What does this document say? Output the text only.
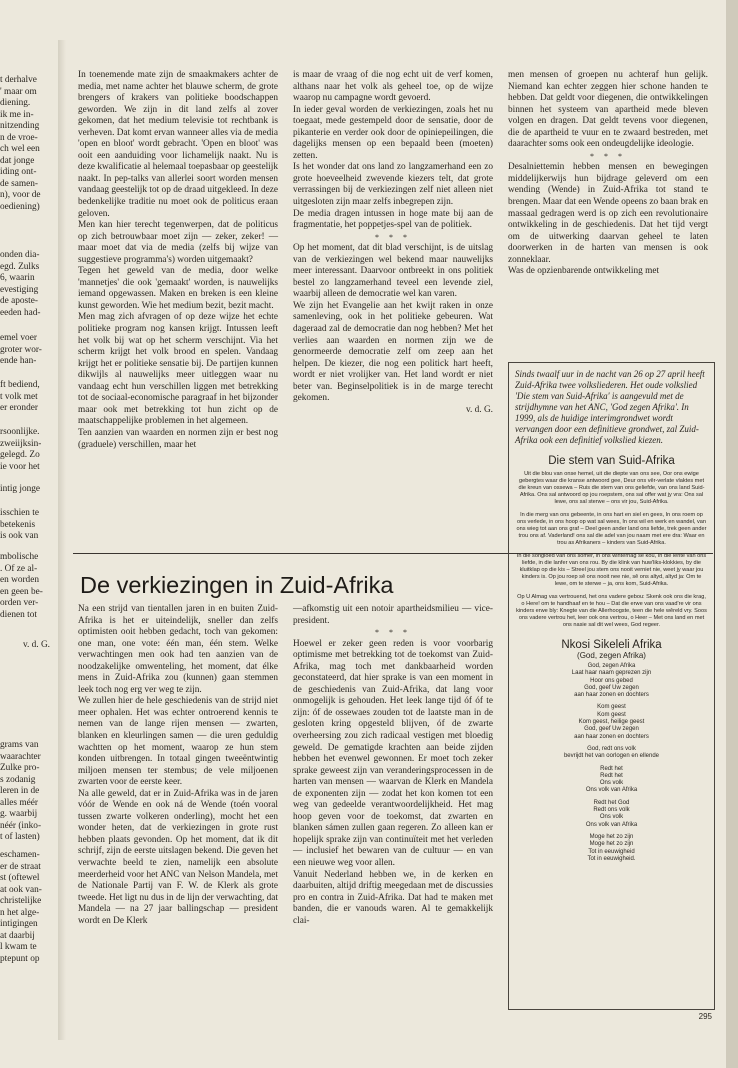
t derhalve

' maar om

diening.

ik me in-

nitzending

n de vroe-

ch wel een

dat jonge

iding ont-

de samen-

n), voor de

oediening)

onden dia-

egd. Zulks

6, waarin

evestiging

de aposte-

eeden had-

emel voer

groter wor-

ende han-

ft bediend,

t volk met

er eronder

rsoonlijke.

zweiijksin-

gelegd. Zo

ie voor het

intig jonge

isschien te

betekenis

is ook van

mbolische

. Of ze al-

en worden

en geen be-

orden ver-

dienen tot

v. d. G.

grams van

waarachter

Zulke pro-

s zodanig

leren in de

alles méér

g. waarbij

néér (inko-

t of lasten)

eschamen-

er de straat

st (oftewel

at ook van-

christelijke

n het alge-

intigingen

at daarbij

l kwam te

ptepunt op

In toenemende mate zijn de smaakmakers achter de media, met name achter het blauwe scherm, de grote brengers of krakers van politieke boodschappen geworden. We zijn in dit land zelfs al zover gekomen, dat het medium televisie tot rechtbank is verheven. Dat komt ervan wanneer alles via de media 'open en bloot' wordt gebracht. 'Open en bloot' was ooit een aanduiding voor lichamelijk naakt. Nu is deze kwalificatie al helemaal toepasbaar op geestelijk naakt. In pep-talks van allerlei soort worden mensen vandaag geestelijk tot op de draad uitgekleed. In deze bedenkelijke traditie nu moet ook de politicus eraan geloven.

Men kan hier terecht tegenwerpen, dat de politicus op zich betrouwbaar moet zijn — zeker, zeker! — maar moet dat via de media (zelfs bij wijze van suggestieve programma's) worden uitgemaakt?

Tegen het geweld van de media, door welke 'mannetjes' die ook 'gemaakt' worden, is nauwelijks iemand opgewassen. Maken en breken is een kleine kunst geworden. Wie het medium bezit, bezit macht.

Men mag zich afvragen of op deze wijze het echte politieke program nog kansen krijgt. Intussen leeft het volk bij wat op het scherm verschijnt. Via het scherm krijgt het volk brood en spelen. Vandaag krijgt het er politieke sensatie bij. De partijen kunnen dikwijls al nauwelijks meer uitleggen waar nu vandaag echt hun verschillen liggen met betrekking tot de sociaal-economische paragraaf in het bijzonder maar ook met betrekking tot hun zicht op de maatschappelijke problemen in het algemeen.

Ten aanzien van waarden en normen zijn er best nog (graduele) verschillen, maar het

is maar de vraag of die nog echt uit de verf komen, althans naar het volk als geheel toe, op de wijze waarop nu campagne wordt gevoerd.

In ieder geval worden de verkiezingen, zoals het nu toegaat, mede gestempeld door de sensatie, door de pikanterie en verder ook door de opiniepeilingen, die dagelijks mensen op een bepaald been (moeten) zetten.

Is het wonder dat ons land zo langzamerhand een zo grote hoeveelheid zwevende kiezers telt, dat grote verrassingen bij de verkiezingen zelf niet alleen niet uitgesloten zijn maar zelfs inbegrepen zijn.

De media dragen intussen in hoge mate bij aan de fragmentatie, het poppetjes-spel van de politiek.

* * *

Op het moment, dat dit blad verschijnt, is de uitslag van de verkiezingen wel bekend maar nauwelijks meer interessant. Daarvoor ontbreekt in ons politiek bestel zo langzamerhand teveel een levende ziel, waarbij alleen de democratie wel kan varen.

We zijn het Evangelie aan het kwijt raken in onze samenleving, ook in het politieke gebeuren. Wat dageraad zal de democratie dan nog hebben? Met het verlies aan waarden en normen zijn we de genormeerde democratie zelf om zeep aan het helpen. De kiezer, die nog een politick hart heeft, wordt er niet vrolijker van. Het land wordt er niet beter van. Beginselpolitiek is in de marge terecht gekomen.

v. d. G.

men mensen of groepen nu achteraf hun gelijk. Niemand kan echter zeggen hier schone handen te hebben. Dat geldt voor diegenen, die ontwikkelingen binnen het systeem van apartheid mede bleven volgen en dragen. Dat geldt tevens voor diegenen, die de apartheid te vuur en te zwaard bestreden, met daarachter soms ook een ondeugdelijke ideologie.

* * *

Desalniettemin hebben mensen en bewegingen middelijkerwijs hun bijdrage geleverd om een wending (Wende) in Zuid-Afrika tot stand te brengen. Maar dat een Wende opeens zo baan brak en massaal gedragen werd is op zich een revolutionaire ontwikkeling in de geschiedenis. Dat het tijd vergt om de uitwerking daarvan geheel te laten doorwerken in de harten van mensen is ook zonneklaar.

Was de opzienbarende ontwikkeling met

De verkiezingen in Zuid-Afrika

Na een strijd van tientallen jaren in en buiten Zuid-Afrika is het er uiteindelijk, sneller dan zelfs optimisten ooit hebben gedacht, toch van gekomen: one man, one vote: één man, één stem. Welke verwachtingen men ook had ten aanzien van de noodzakelijke omwenteling, het moment, dat élke mens in Zuid-Afrika zou (kunnen) gaan stemmen leek toch nog erg ver weg te zijn.

We zullen hier de hele geschiedenis van de strijd niet meer ophalen. Het was echter ontroerend kennis te nemen van de lange rijen mensen — zwarten, blanken en kleurlingen samen — die uren geduldig wachtten op het moment, waarop ze hun stem konden uitbrengen. In totaal gingen tweeëntwintig miljoen mensen ter stembus; de vele miljoenen zwarten voor de eerste keer.

Na alle geweld, dat er in Zuid-Afrika was in de jaren vóór de Wende en ook ná de Wende (toén vooral tussen zwarte volkeren onderling), mocht het een wonder heten, dat de verkiezingen in grote rust hebben plaats gevonden. Op het moment, dat ik dit schrijf, zijn de eerste uitslagen bekend. Die geven het verwachte beeld te zien, namelijk een absolute meerderheid voor het ANC van Nelson Mandela, met de Nationale Partij van F. W. de Klerk als grote tweede. Het ligt nu dus in de lijn der verwachting, dat Mandela — na 27 jaar ballingschap — president wordt en De Klerk

—afkomstig uit een notoir apartheidsmilieu — vice-president.

* * *

Hoewel er zeker geen reden is voor voorbarig optimisme met betrekking tot de toekomst van Zuid-Afrika, mag toch met dankbaarheid worden geconstateerd, dat hier sprake is van een moment in de geschiedenis van Zuid-Afrika, dat lang voor onmogelijk is gehouden. Het leek lange tijd óf óf te zijn: óf de ossewaes zouden tot de laatste man in de gesloten kring opgesteld blijven, óf de zwarte overheersing zou zich radicaal vestigen met bloedig geweld. De gematigde krachten aan beide zijden hebben het evenwel gewonnen. Er moet toch zeker sprake geweest zijn van veranderingsprocessen in de harten van mensen — waarvan de Klerk en Mandela de exponenten zijn — zodat het kon komen tot een weg van gedeelde verantwoordelijkheid. Het mag hoop geven voor de toekomst, dat zwarten en blanken sámen zullen gaan regeren. Zo alleen kan er hopelijk sprake zijn van continuïteit met het verleden — inclusief het bewaren van de cultuur — en van een nieuwe weg voor allen.

Vanuit Nederland hebben we, in de kerken en daarbuiten, altijd driftig meegedaan met de discussies pro en contra in Zuid-Afrika. Dat had te maken met banden, die er vanouds waren. Al te gemakkelijk clai-

Sinds twaalf uur in de nacht van 26 op 27 april heeft Zuid-Afrika twee volksliederen. Het oude volkslied 'Die stem van Suid-Afrika' is aangevuld met de strijdhymne van het ANC, 'God zegen Afrika'. In 1999, als de huidige interimgrondwet wordt vervangen door een definitieve grondwet, zal Zuid-Afrika ook een definitief volkslied kiezen.

Die stem van Suid-Afrika

Uit die blou van onse hemel, uit die diepte van ons see, Oor ons ewige gebergtes waar die kranse antwoord gee, Deur ons vêr-verlate vlaktes met die kreun van ossewa – Ruis die stem van ons geliefde, van ons land Suid-Afrika. Ons sal antwoord op jou roepstem, ons sal offer wat jy vra: Ons sal lewe, ons sal sterwe – ons vir jou, Suid-Afrika.

In die merg van ons gebeente, in ons hart en siel en gees, In ons roem op ons verlede, in ons hoop op wat sal wees, In ons wil en werk en wandel, van ons wieg tot aan ons graf – Deel geen ander land ons liefde, trek geen ander trou ons af. Vaderland! ons sal die adel van jou naam met ere dra: Waar en trou as Afrikaners – kinders van Suid-Afrika.

In die songloed van ons somer, in ons winternag se kou, In die lente van ons liefde, in die lanfer van ons rou. By die klink van huw'liks-klokkies, by die kluitklap op die kis – Streel jou stem ons nooit verniet nie, weet jy waar jou kinders is. Op jou roep sê ons nooit nee nie, sê ons altyd, altyd ja: Om te lewe, om te sterwe – ja, ons kom, Suid-Afrika.

Op U Almag vas vertrouend, het ons vadere gebou: Skenk ook ons die krag, o Here! om te handhaaf en te hou – Dat die erwe van ons vaad're vir ons kinders erwe bly: Knegte van die Allerhoogste, teen die hele wêreld vry. Soos ons vadere vertrou het, leer ook ons vertrou, o Heer – Met ons land en met ons nasie sal dit wel wees, God regeer.

Nkosi Sikeleli Afrika

(God, zegen Afrika)

God, zegen Afrika
Laat haar naam geprezen zijn
Hoor ons gebed
God, geef Uw zegen
aan haar zonen en dochters
Kom geest
Kom geest
Kom geest, heilige geest
God, geef Uw zegen
aan haar zonen en dochters
God, redt ons volk
bevrijdt het van oorlogen en ellende
Redt het
Redt het
Ons volk
Ons volk van Afrika
Redt het God
Redt ons volk
Ons volk
Ons volk van Afrika
Moge het zo zijn
Moge het zo zijn
Tot in eeuwigheid
Tot in eeuwigheid.
295
